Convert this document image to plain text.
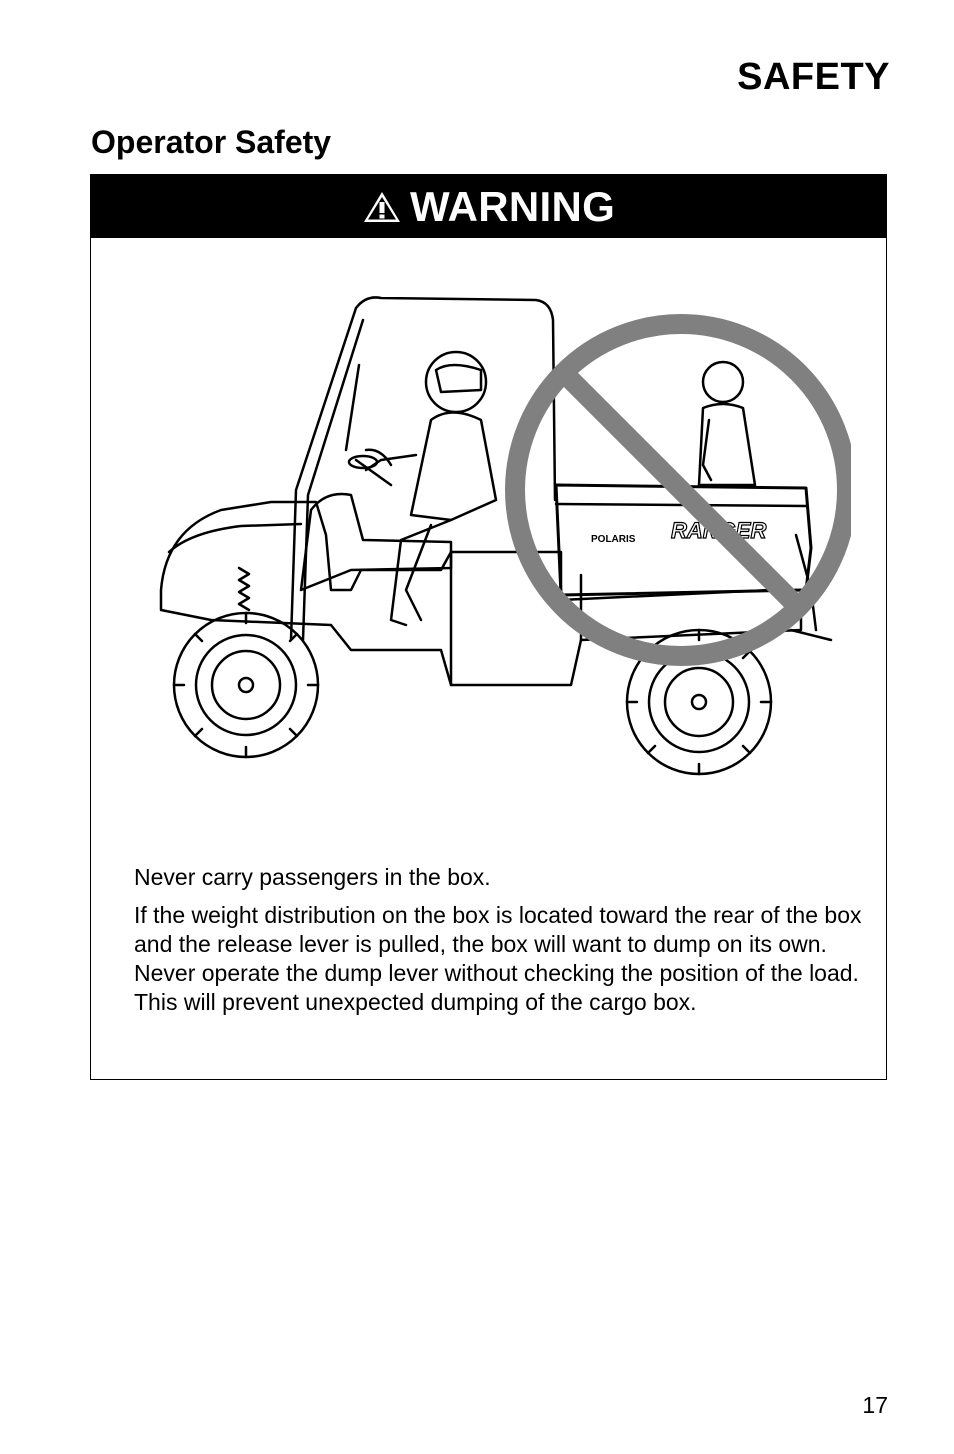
SAFETY
Operator Safety
WARNING
POLARIS RANGER

Never carry passengers in the box.

If the weight distribution on the box is located toward the rear of the box and the release lever is pulled, the box will want to dump on its own. Never operate the dump lever without checking the position of the load. This will prevent unexpected dumping of the cargo box.

17
